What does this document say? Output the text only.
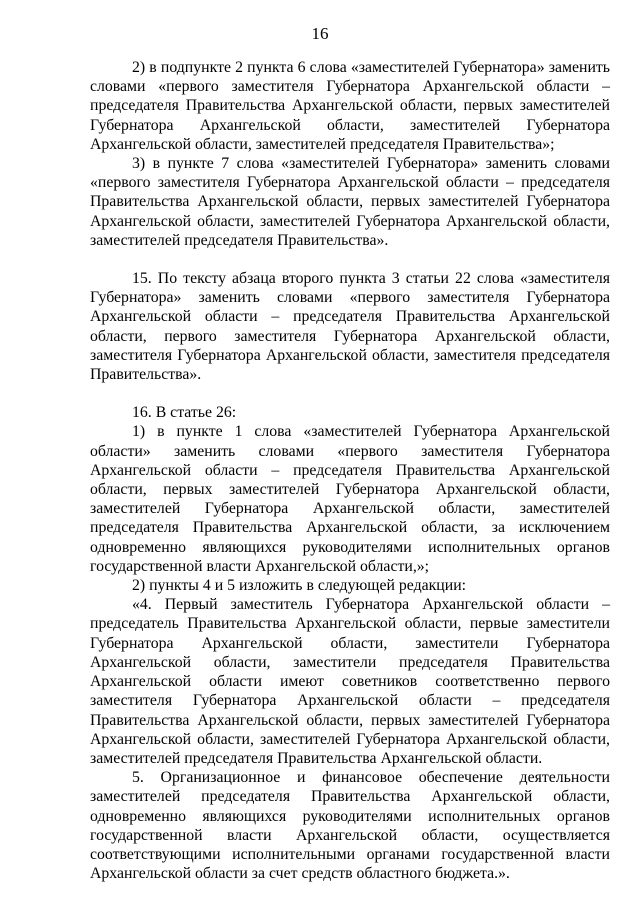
16

2) в подпункте 2 пункта 6 слова «заместителей Губернатора» заменить словами «первого заместителя Губернатора Архангельской области – председателя Правительства Архангельской области, первых заместителей Губернатора Архангельской области, заместителей Губернатора Архангельской области, заместителей председателя Правительства»;

3) в пункте 7 слова «заместителей Губернатора» заменить словами «первого заместителя Губернатора Архангельской области – председателя Правительства Архангельской области, первых заместителей Губернатора Архангельской области, заместителей Губернатора Архангельской области, заместителей председателя Правительства».

15. По тексту абзаца второго пункта 3 статьи 22 слова «заместителя Губернатора» заменить словами «первого заместителя Губернатора Архангельской области – председателя Правительства Архангельской области, первого заместителя Губернатора Архангельской области, заместителя Губернатора Архангельской области, заместителя председателя Правительства».

16. В статье 26:

1) в пункте 1 слова «заместителей Губернатора Архангельской области» заменить словами «первого заместителя Губернатора Архангельской области – председателя Правительства Архангельской области, первых заместителей Губернатора Архангельской области, заместителей Губернатора Архангельской области, заместителей председателя Правительства Архангельской области, за исключением одновременно являющихся руководителями исполнительных органов государственной власти Архангельской области,»;

2) пункты 4 и 5 изложить в следующей редакции:

«4. Первый заместитель Губернатора Архангельской области – председатель Правительства Архангельской области, первые заместители Губернатора Архангельской области, заместители Губернатора Архангельской области, заместители председателя Правительства Архангельской области имеют советников соответственно первого заместителя Губернатора Архангельской области – председателя Правительства Архангельской области, первых заместителей Губернатора Архангельской области, заместителей Губернатора Архангельской области, заместителей председателя Правительства Архангельской области.

5. Организационное и финансовое обеспечение деятельности заместителей председателя Правительства Архангельской области, одновременно являющихся руководителями исполнительных органов государственной власти Архангельской области, осуществляется соответствующими исполнительными органами государственной власти Архангельской области за счет средств областного бюджета.».
